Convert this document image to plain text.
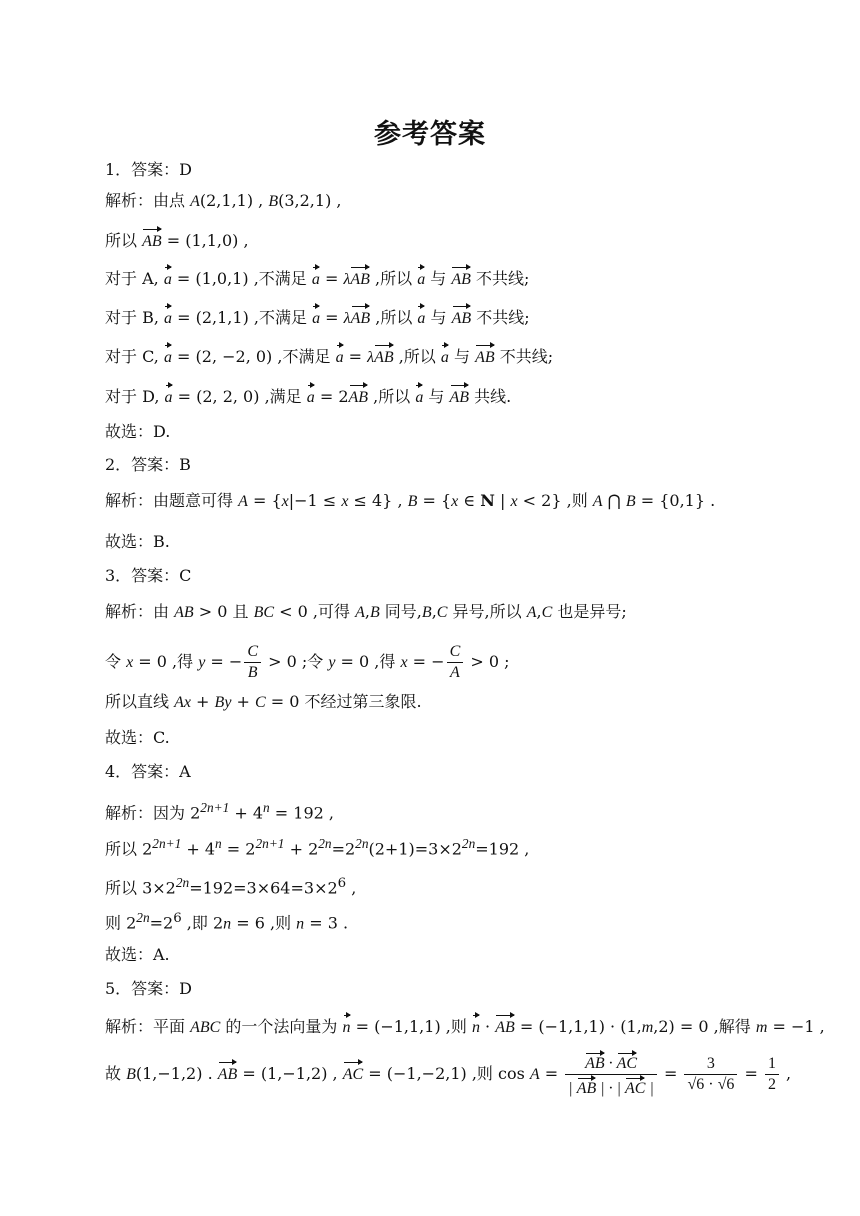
参考答案
1．答案：D
解析：由点 A(2,1,1) , B(3,2,1) ,
所以 AB = (1,1,0) ,
对于 A, a = (1,0,1) ,不满足 a = λAB ,所以 a 与 AB 不共线;
对于 B, a = (2,1,1) ,不满足 a = λAB ,所以 a 与 AB 不共线;
对于 C, a = (2, −2, 0) ,不满足 a = λAB ,所以 a 与 AB 不共线;
对于 D, a = (2, 2, 0) ,满足 a = 2AB ,所以 a 与 AB 共线.
故选：D.
2．答案：B
解析：由题意可得 A = {x|−1 ≤ x ≤ 4} , B = {x ∈ N | x < 2} ,则 A ⋂ B = {0,1} .
故选：B.
3．答案：C
解析：由 AB > 0 且 BC < 0 ,可得 A,B 同号,B,C 异号,所以 A,C 也是异号;
令 x = 0 ,得 y = − $\frac{C}{B} > 0$ ;令 y = 0 ,得 x = − $\frac{C}{A} > 0$ ;
所以直线 Ax + By + C = 0 不经过第三象限.
故选：C.
4．答案：A
解析：因为 $2^{2n+1} + 4^n = 192$ ,
所以 $2^{2n+1} + 4^n = 2^{2n+1} + 2^{2n}=2^{2n}(2+1)=3\times 2^{2n}=192$ ,
所以 $3\times 2^{2n}=192=3\times 64=3\times 2^6$ ,
则 $2^{2n}=2^6$ ,即 2n = 6 ,则 n = 3 .
故选：A.
5．答案：D
解析：平面 ABC 的一个法向量为 n = (−1,1,1) ,则 n · AB = (−1,1,1) · (1,m,2) = 0 ,解得 m = −1 ,
故 B(1,−1,2) . AB = (1,−1,2) , AC = (−1,−2,1) ,则 $\cos A = \frac{AB \cdot AC}{| AB | \cdot | AC |} = \frac{3}{√6 \cdot √6} = \frac{1}{2}$ ,
